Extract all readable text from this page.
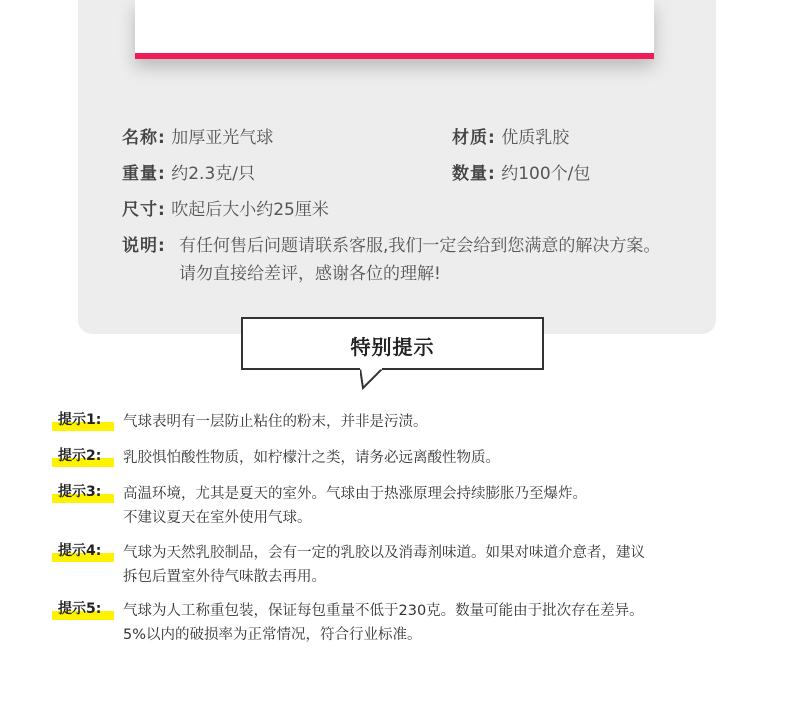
名称: 加厚亚光气球	材质: 优质乳胶
重量: 约2.3克/只	数量: 约100个/包
尺寸: 吹起后大小约25厘米
说明: 有任何售后问题请联系客服,我们一定会给到您满意的解决方案。
请勿直接给差评，感谢各位的理解!
特别提示
提示1:	气球表明有一层防止粘住的粉末，并非是污渍。
提示2:	乳胶惧怕酸性物质，如柠檬汁之类，请务必远离酸性物质。
提示3:	高温环境，尤其是夏天的室外。气球由于热涨原理会持续膨胀乃至爆炸。
不建议夏天在室外使用气球。
提示4:	气球为天然乳胶制品，会有一定的乳胶以及消毒剂味道。如果对味道介意者，建议
拆包后置室外待气味散去再用。
提示5:	气球为人工称重包装，保证每包重量不低于230克。数量可能由于批次存在差异。
5%以内的破损率为正常情况，符合行业标准。
